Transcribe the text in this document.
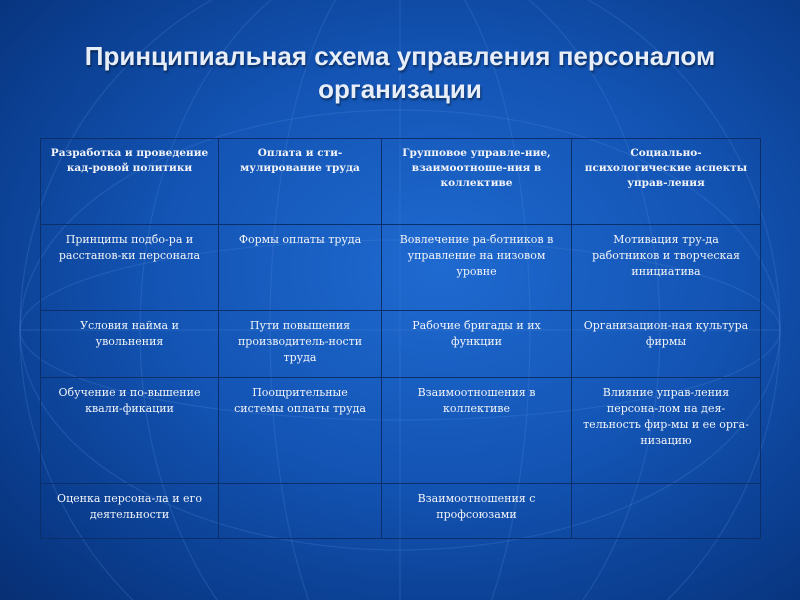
Принципиальная схема управления персоналом
организации
Разработка и проведение кад-ровой политики	Оплата и сти-мулирование труда	Групповое управле-ние, взаимоотноше-ния в коллективе	Социально-психологические аспекты управ-ления
Принципы подбо-ра и расстанов-ки персонала	Формы оплаты труда	Вовлечение ра-ботников в управление на низовом уровне	Мотивация тру-да работников и творческая инициатива
Условия найма и увольнения	Пути повышения производитель-ности труда	Рабочие бригады и их функции	Организацион-ная культура фирмы
Обучение и по-вышение квали-фикации	Поощрительные системы оплаты труда	Взаимоотношения в коллективе	Влияние управ-ления персона-лом на дея-тельность фир-мы и ее орга-низацию
Оценка персона-ла и его деятельности		Взаимоотношения с профсоюзами	
